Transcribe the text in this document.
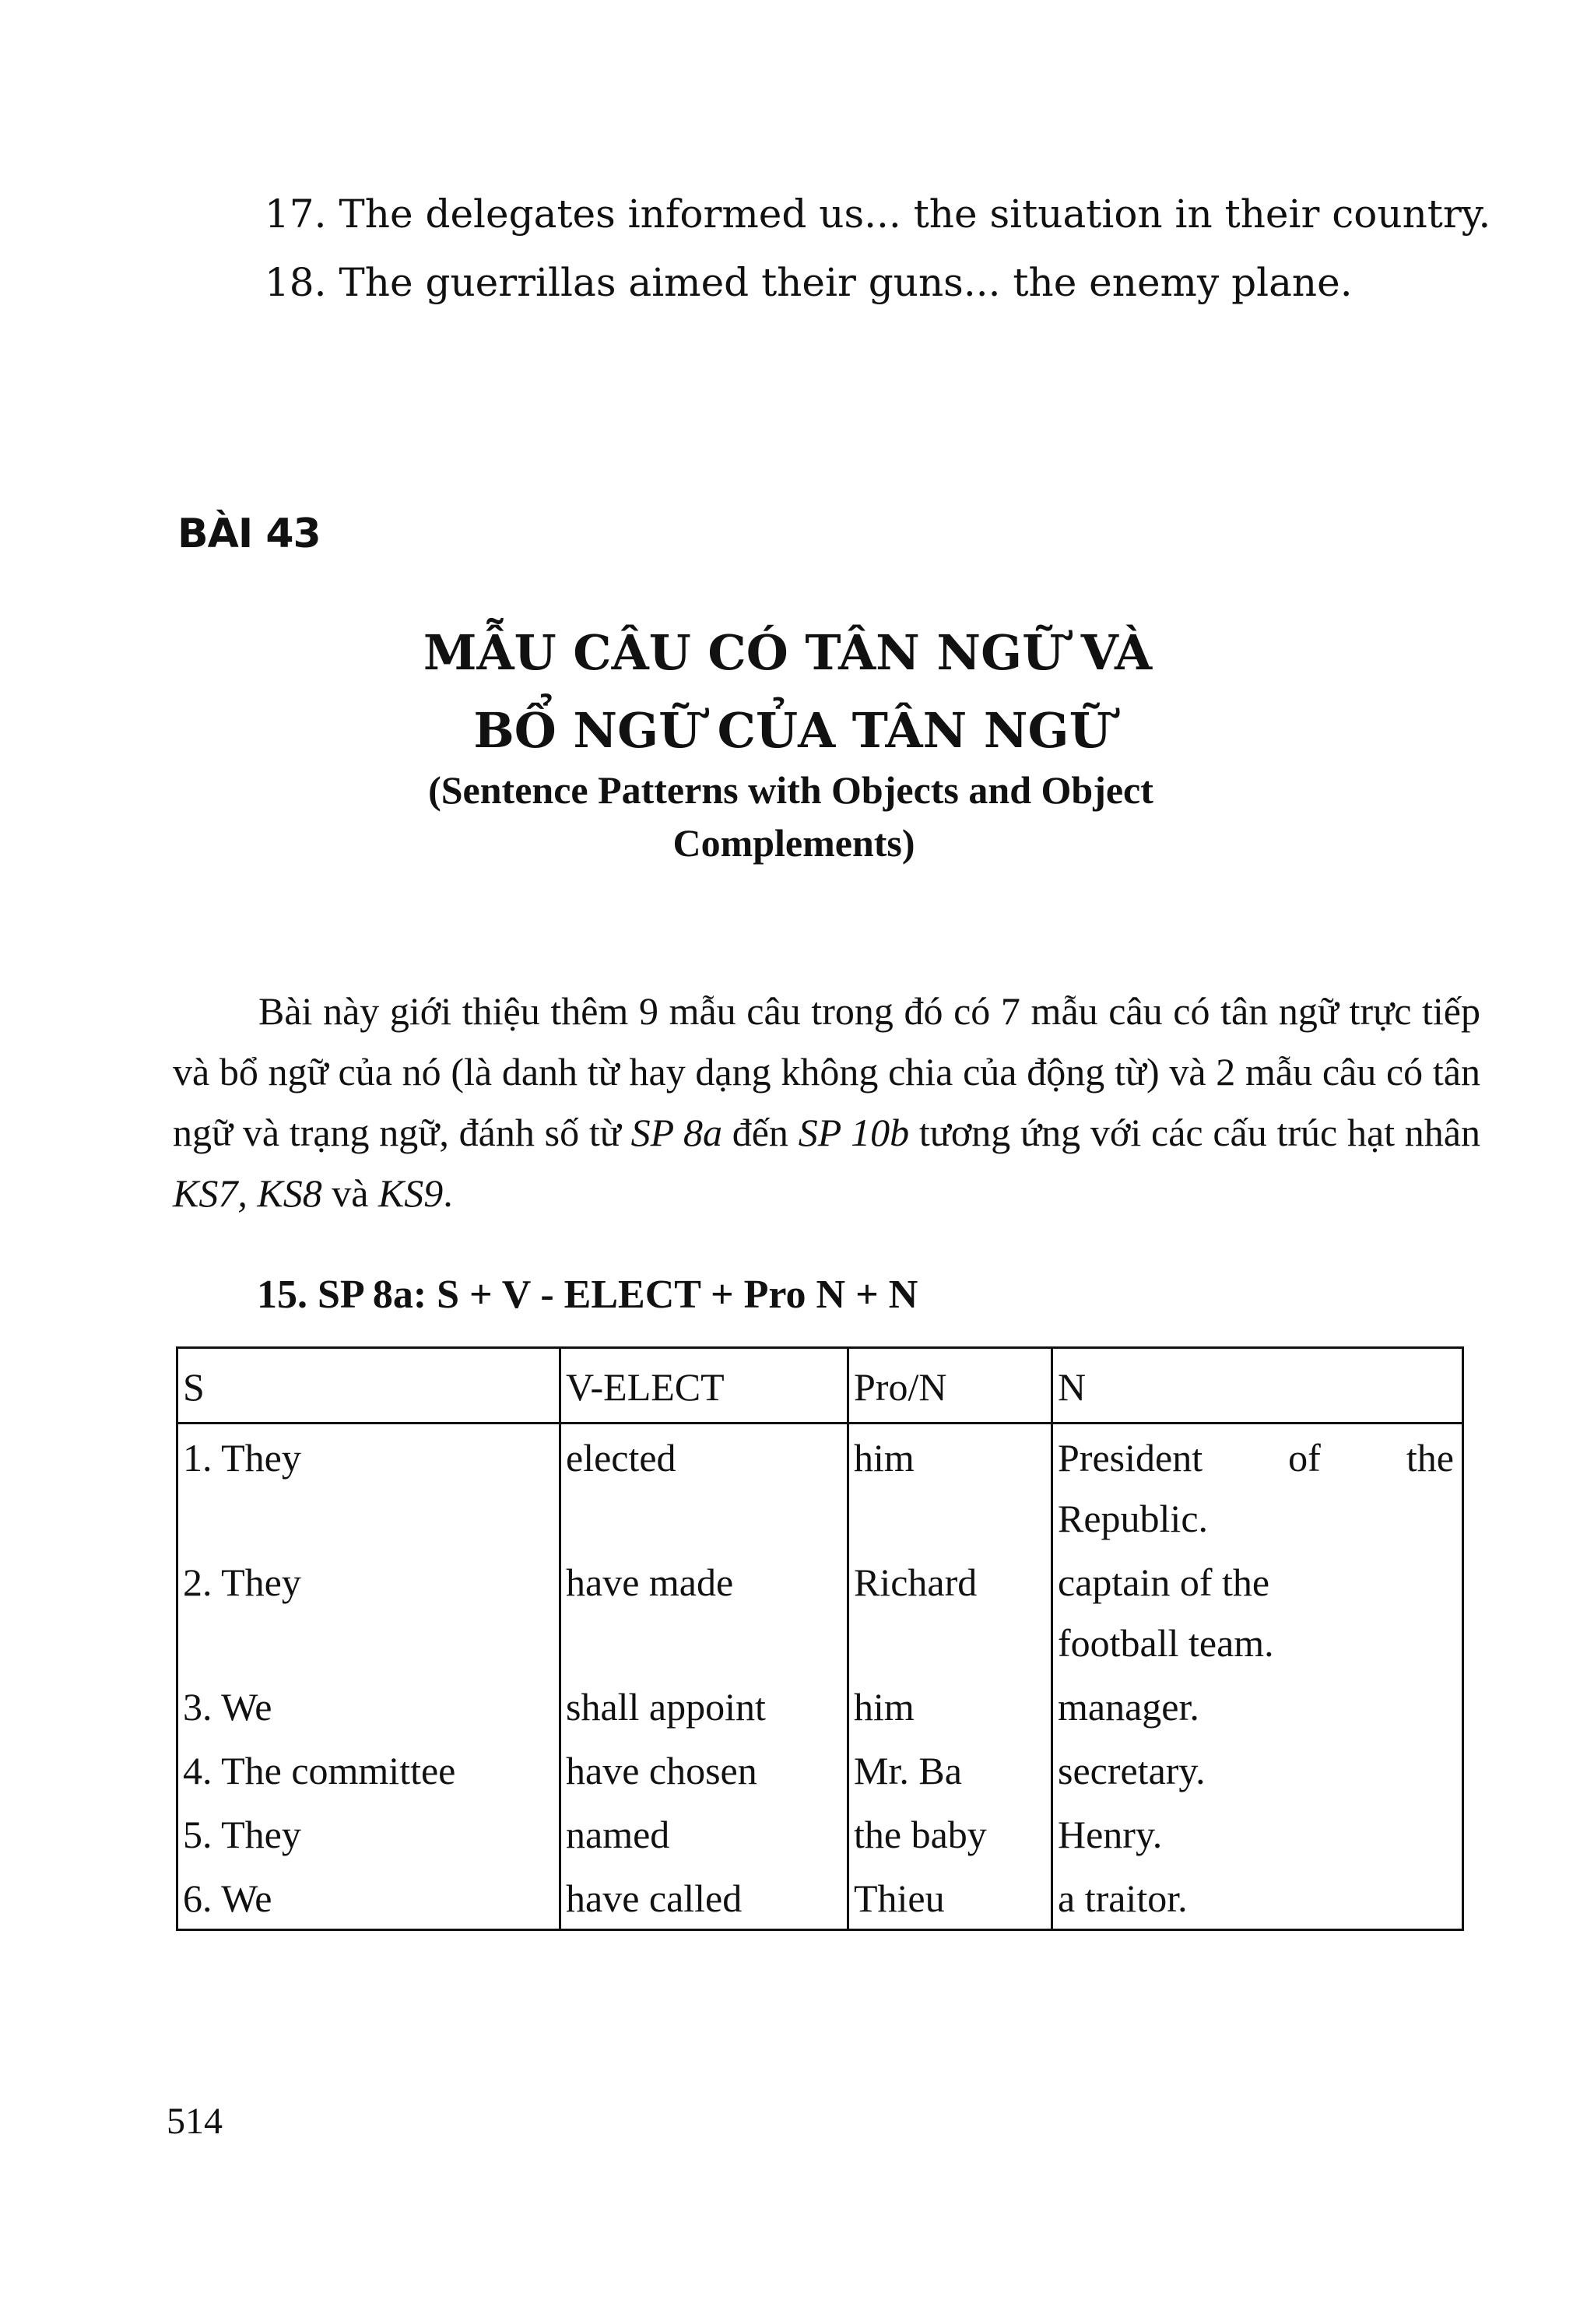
17. The delegates informed us... the situation in their country.
18. The guerrillas aimed their guns... the enemy plane.
BÀI 43
MẪU CÂU CÓ TÂN NGỮ VÀ
BỔ NGỮ CỦA TÂN NGỮ
(Sentence Patterns with Objects and Object
Complements)

Bài này giới thiệu thêm 9 mẫu câu trong đó có 7 mẫu câu có tân ngữ trực tiếp và bổ ngữ của nó (là danh từ hay dạng không chia của động từ) và 2 mẫu câu có tân ngữ và trạng ngữ, đánh số từ SP 8a đến SP 10b tương ứng với các cấu trúc hạt nhân KS7, KS8 và KS9.

15. SP 8a: S + V - ELECT + Pro N + N
S	V-ELECT	Pro/N	N
1. They	elected	him	President of the
Republic.

2. They	have made	Richard	captain of the
football team.

3. We	shall appoint	him	manager.
4. The committee	have chosen	Mr. Ba	secretary.
5. They	named	the baby	Henry.
6. We	have called	Thieu	a traitor.
514
